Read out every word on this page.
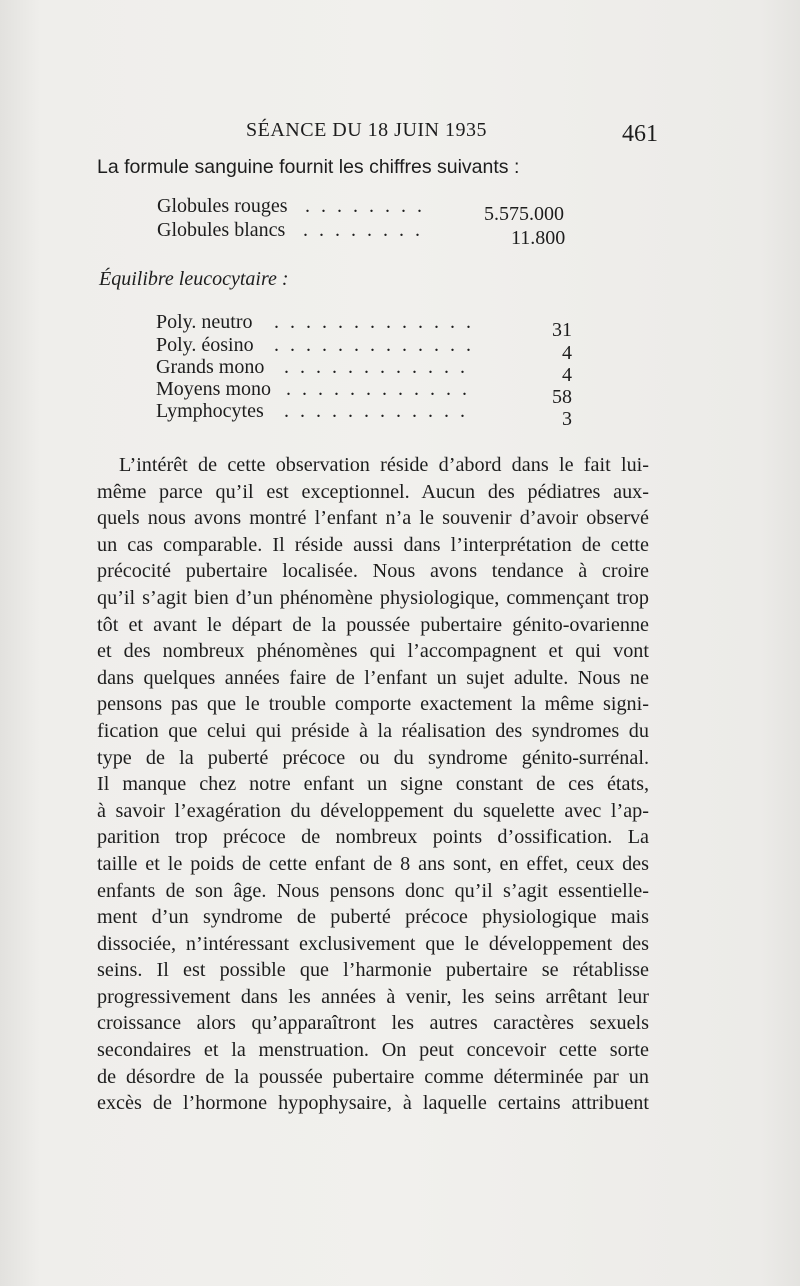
SÉANCE DU 18 JUIN 1935	461
La formule sanguine fournit les chiffres suivants :
Globules rouges . . . . . . . .	5.575.000
Globules blancs . . . . . . . .	11.800
Équilibre leucocytaire :
Poly. neutro . . . . . . . . . . . . .	31
Poly. éosino . . . . . . . . . . . . .	4
Grands mono . . . . . . . . . . . .	4
Moyens mono . . . . . . . . . . . .	58
Lymphocytes . . . . . . . . . . . .	3

L’intérêt de cette observation réside d’abord dans le fait lui-

même parce qu’il est exceptionnel. Aucun des pédiatres aux-

quels nous avons montré l’enfant n’a le souvenir d’avoir observé

un cas comparable. Il réside aussi dans l’interprétation de cette

précocité pubertaire localisée. Nous avons tendance à croire

qu’il s’agit bien d’un phénomène physiologique, commençant trop

tôt et avant le départ de la poussée pubertaire génito-ovarienne

et des nombreux phénomènes qui l’accompagnent et qui vont

dans quelques années faire de l’enfant un sujet adulte. Nous ne

pensons pas que le trouble comporte exactement la même signi-

fication que celui qui préside à la réalisation des syndromes du

type de la puberté précoce ou du syndrome génito-surrénal.

Il manque chez notre enfant un signe constant de ces états,

à savoir l’exagération du développement du squelette avec l’ap-

parition trop précoce de nombreux points d’ossification. La

taille et le poids de cette enfant de 8 ans sont, en effet, ceux des

enfants de son âge. Nous pensons donc qu’il s’agit essentielle-

ment d’un syndrome de puberté précoce physiologique mais

dissociée, n’intéressant exclusivement que le développement des

seins. Il est possible que l’harmonie pubertaire se rétablisse

progressivement dans les années à venir, les seins arrêtant leur

croissance alors qu’apparaîtront les autres caractères sexuels

secondaires et la menstruation. On peut concevoir cette sorte

de désordre de la poussée pubertaire comme déterminée par un

excès de l’hormone hypophysaire, à laquelle certains attribuent
